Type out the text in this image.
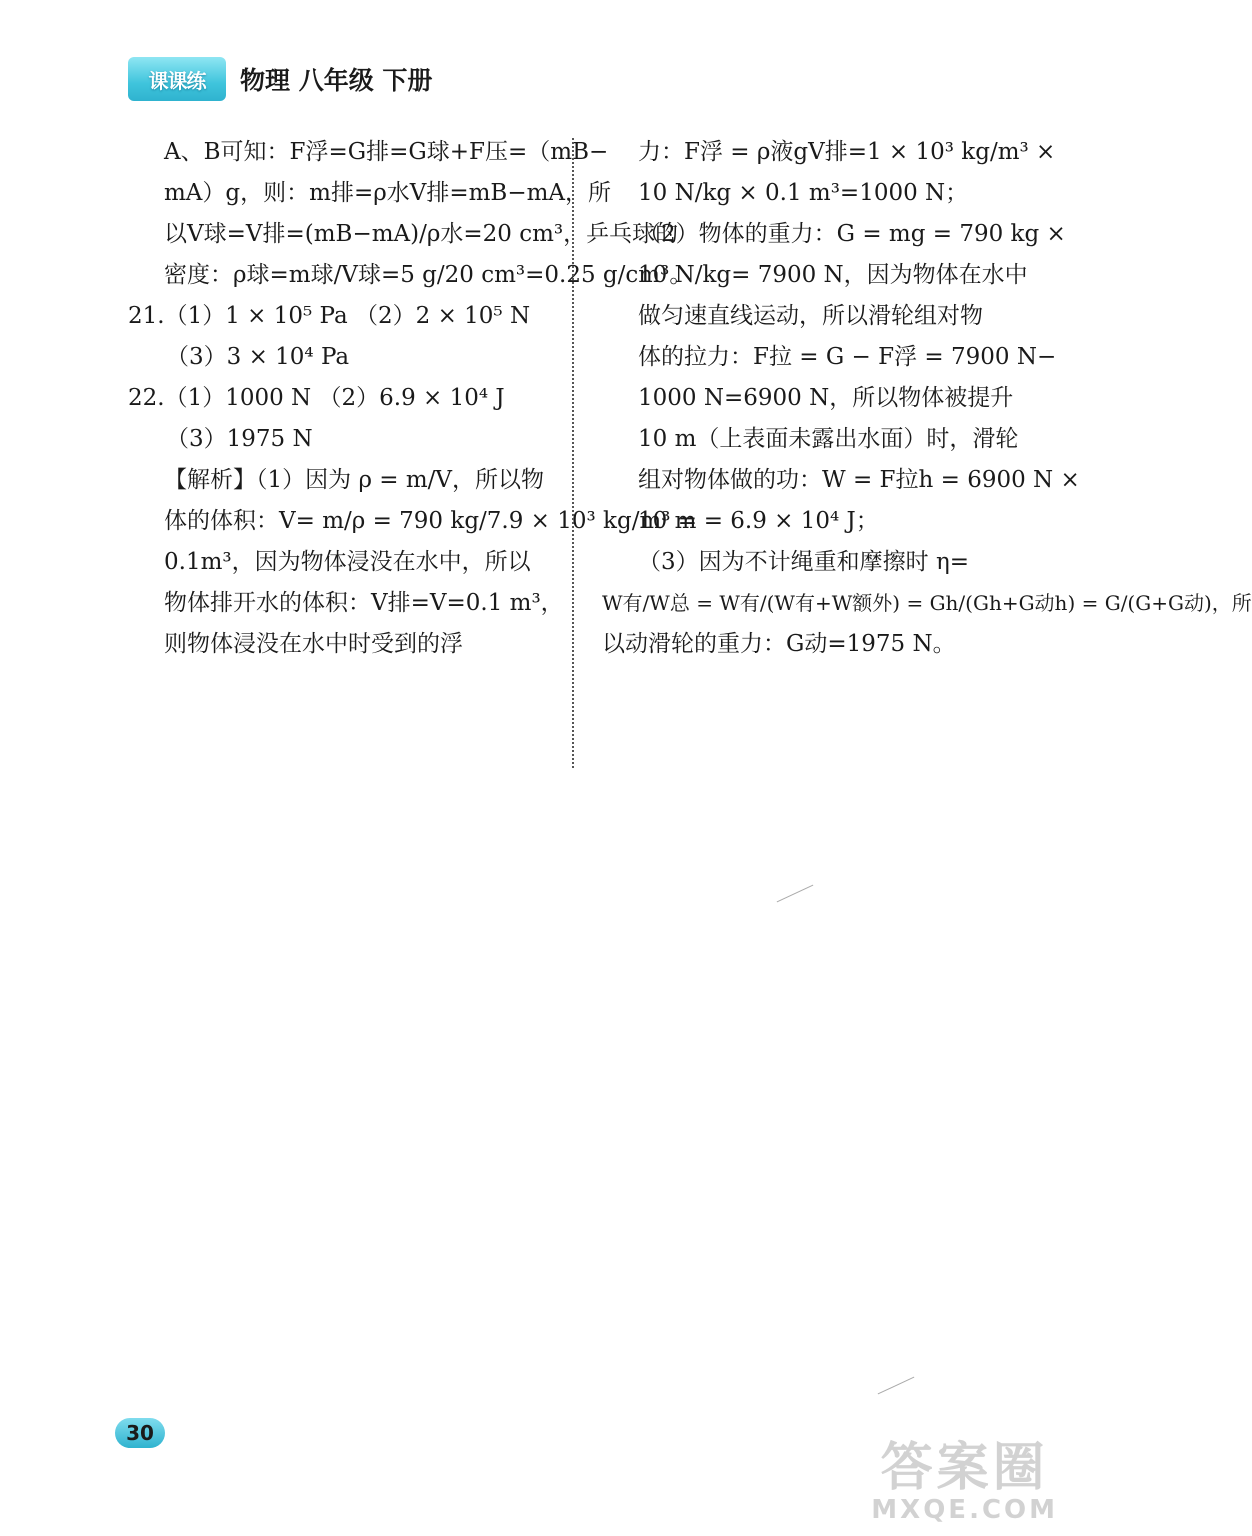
课课练	物理 八年级 下册
A、B可知：F浮=G排=G球+F压=（mB−
mA）g，则：m排=ρ水V排=mB−mA，所
以V球=V排=(mB−mA)/ρ水=20 cm³，乒乓球的
密度：ρ球=m球/V球=5 g/20 cm³=0.25 g/cm³。
21.（1）1 × 10⁵ Pa （2）2 × 10⁵ N
（3）3 × 10⁴ Pa
22.（1）1000 N （2）6.9 × 10⁴ J
（3）1975 N
【解析】（1）因为 ρ = m/V，所以物
体的体积：V= m/ρ = 790 kg/7.9 × 10³ kg/m³ =
0.1m³，因为物体浸没在水中，所以
物体排开水的体积：V排=V=0.1 m³，
则物体浸没在水中时受到的浮
力：F浮 = ρ液gV排=1 × 10³ kg/m³ ×
10 N/kg × 0.1 m³=1000 N；
（2）物体的重力：G = mg = 790 kg ×
10 N/kg= 7900 N，因为物体在水中
做匀速直线运动，所以滑轮组对物
体的拉力：F拉 = G − F浮 = 7900 N−
1000 N=6900 N，所以物体被提升
10 m（上表面未露出水面）时，滑轮
组对物体做的功：W = F拉h = 6900 N ×
10 m = 6.9 × 10⁴ J；
（3）因为不计绳重和摩擦时 η=
W有/W总 = W有/(W有+W额外) = Gh/(Gh+G动h) = G/(G+G动)，所
以动滑轮的重力：G动=1975 N。
30
答案圈
MXQE.COM
